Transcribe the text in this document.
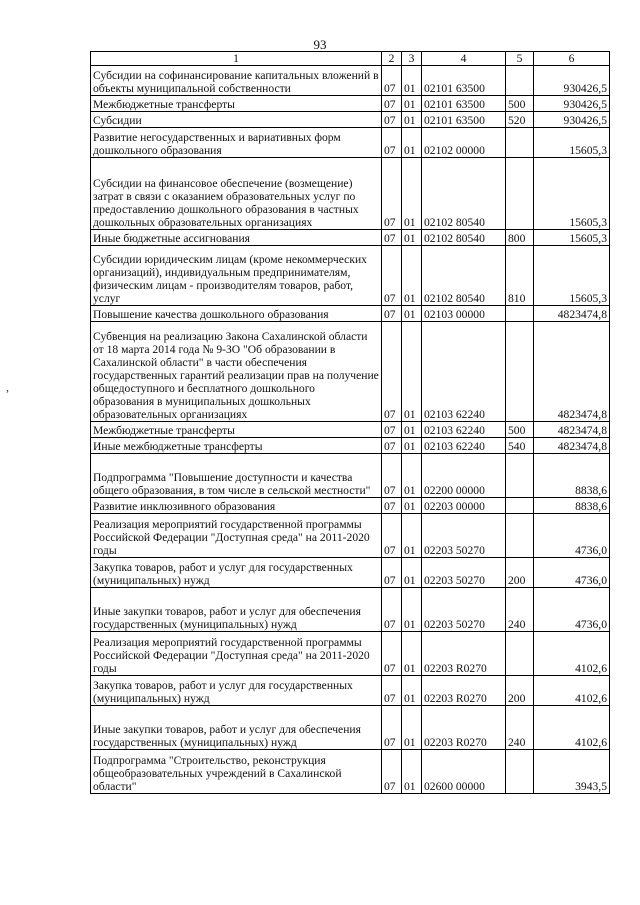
93
,
1	2	3	4	5	6
Субсидии на софинансирование капитальных вложений в объекты муниципальной собственности	07	01	02101 63500		930426,5
Межбюджетные трансферты	07	01	02101 63500	500	930426,5
Субсидии	07	01	02101 63500	520	930426,5
Развитие негосударственных и вариативных форм дошкольного образования	07	01	02102 00000		15605,3
Субсидии на финансовое обеспечение (возмещение) затрат в связи с оказанием образовательных услуг по предоставлению дошкольного образования в частных дошкольных образовательных организациях	07	01	02102 80540		15605,3
Иные бюджетные ассигнования	07	01	02102 80540	800	15605,3
Субсидии юридическим лицам (кроме некоммерческих организаций), индивидуальным предпринимателям, физическим лицам - производителям товаров, работ, услуг	07	01	02102 80540	810	15605,3
Повышение качества дошкольного образования	07	01	02103 00000		4823474,8
Субвенция на реализацию Закона Сахалинской области от 18 марта 2014 года № 9-ЗО "Об образовании в Сахалинской области" в части обеспечения государственных гарантий реализации прав на получение общедоступного и бесплатного дошкольного образования в муниципальных дошкольных образовательных организациях	07	01	02103 62240		4823474,8
Межбюджетные трансферты	07	01	02103 62240	500	4823474,8
Иные межбюджетные трансферты	07	01	02103 62240	540	4823474,8
Подпрограмма "Повышение доступности и качества общего образования, в том числе в сельской местности"	07	01	02200 00000		8838,6
Развитие инклюзивного образования	07	01	02203 00000		8838,6
Реализация мероприятий государственной программы Российской Федерации "Доступная среда" на 2011-2020 годы	07	01	02203 50270		4736,0
Закупка товаров, работ и услуг для государственных (муниципальных) нужд	07	01	02203 50270	200	4736,0
Иные закупки товаров, работ и услуг для обеспечения государственных (муниципальных) нужд	07	01	02203 50270	240	4736,0
Реализация мероприятий государственной программы Российской Федерации "Доступная среда" на 2011-2020 годы	07	01	02203 R0270		4102,6
Закупка товаров, работ и услуг для государственных (муниципальных) нужд	07	01	02203 R0270	200	4102,6
Иные закупки товаров, работ и услуг для обеспечения государственных (муниципальных) нужд	07	01	02203 R0270	240	4102,6
Подпрограмма "Строительство, реконструкция общеобразовательных учреждений в Сахалинской области"	07	01	02600 00000		3943,5
